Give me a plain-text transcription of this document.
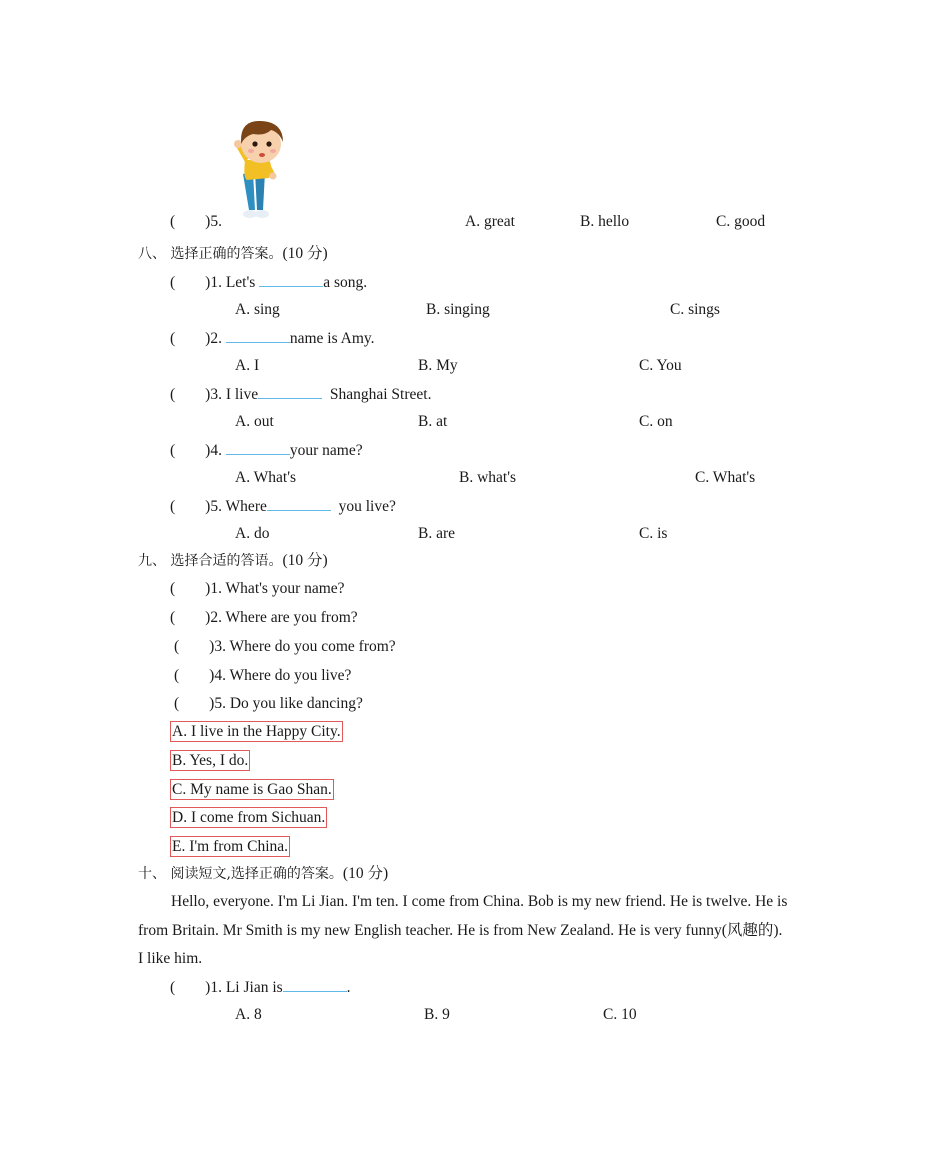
( )5.	A. great	B. hello	C. good
八、 选择正确的答案。(10 分)
( )1. Let's	a song.
A. sing	B. singing	C. sings
( )2.	name is Amy.
A. I	B. My	C. You
( )3. I live	Shanghai Street.
A. out	B. at	C. on
( )4.	your name?
A. What's	B. what's	C. What's
( )5. Where	you live?
A. do	B. are	C. is
九、 选择合适的答语。(10 分)
( )1. What's your name?
( )2. Where are you from?
( )3. Where do you come from?
( )4. Where do you live?
( )5. Do you like dancing?
A. I live in the Happy City.
B. Yes, I do.
C. My name is Gao Shan.
D. I come from Sichuan.
E. I'm from China.
十、 阅读短文,选择正确的答案。(10 分)
Hello, everyone. I'm Li Jian. I'm ten. I come from China. Bob is my new friend. He is twelve. He is
from Britain. Mr Smith is my new English teacher. He is from New Zealand. He is very funny(风趣的).
I like him.
( )1. Li Jian is	.
A. 8	B. 9	C. 10
